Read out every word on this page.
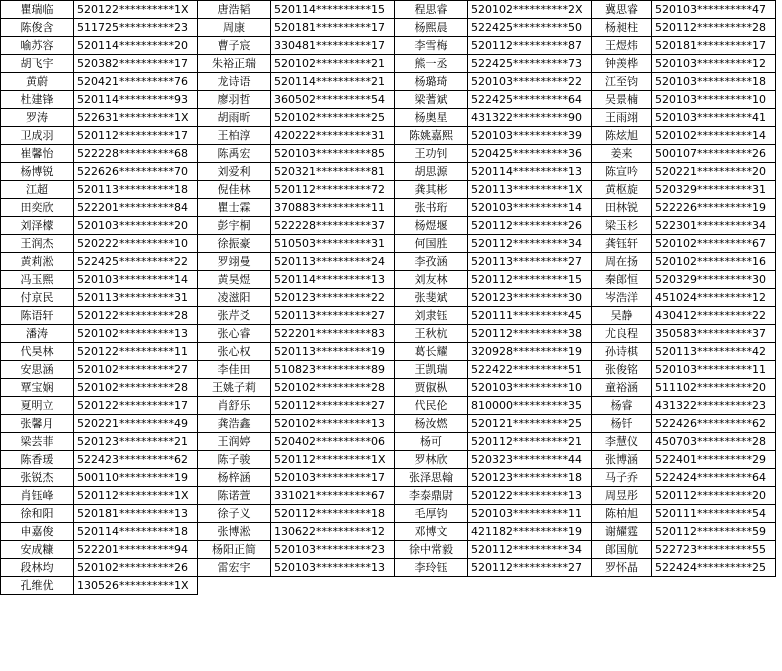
瞿瑞临	520122**********1X	唐浩韬	520114**********15	程思睿	520102**********2X	冀思睿	520103**********47
陈俊含	511725**********23	周康	520181**********17	杨熙晨	522425**********50	杨昶柱	520112**********28
喻苏容	520114**********20	曹子宸	330481**********17	李雪梅	520112**********87	王煜炜	520181**********17
胡飞宇	520382**********17	朱裕正瑞	520102**********21	熊一丞	522425**********73	钟羡桦	520103**********12
黄蔚	520421**********76	龙诗语	520114**********21	杨璐琦	520103**********22	江至钧	520103**********18
杜建锋	520114**********93	廖羽哲	360502**********54	梁蓍斌	522425**********64	吴景楠	520103**********10
罗涛	522631**********1X	胡雨昕	520102**********25	杨奥星	431322**********90	王雨翊	520103**********41
卫成羽	520112**********17	王柏淳	420222**********31	陈姚嘉熙	520103**********39	陈炫旭	520102**********14
崔馨怡	522228**********68	陈禹宏	520103**********85	王功钊	520425**********36	姜来	500107**********26
杨博锐	522626**********70	刘爱利	520321**********81	胡思源	520114**********13	陈宣吟	520221**********20
江超	520113**********18	倪佳林	520112**********72	龚其彬	520113**********1X	黄枢旋	520329**********31
田奕欣	522201**********84	瞿士霖	370883**********11	张书珩	520103**********14	田林锐	522226**********19
刘泽檬	520103**********20	彭宇桐	522228**********37	杨煜堰	520112**********26	梁玉杉	522301**********34
王润杰	520222**********10	徐振豪	510503**********31	何国胜	520112**********34	龚钰轩	520102**********67
黄莉淞	522425**********22	罗翊曼	520113**********24	李孜涵	520113**********27	周在扬	520102**********16
冯玉熙	520103**********14	黄昊煜	520114**********13	刘友林	520112**********15	秦郎恒	520329**********30
付京民	520113**********31	凌滋阳	520123**********22	张斐斌	520123**********30	岑浩洋	451024**********12
陈语轩	520122**********28	张芹爻	520113**********27	刘隶钰	520111**********45	吴静	430412**********22
潘涛	520102**********13	张心睿	522201**********83	王秋杭	520112**********38	尤良程	350583**********37
代昊林	520122**********11	张心权	520113**********19	葛长耀	320928**********19	孙诗棋	520113**********42
安思涵	520102**********27	李佳田	510823**********89	王凯瑞	522422**********51	张俊铭	520103**********11
覃宝娴	520102**********28	王姚子莉	520102**********28	贾俶枞	520103**********10	童裕涵	511102**********20
夏明立	520122**********17	肖舒乐	520112**********27	代民伦	810000**********35	杨睿	431322**********23
张馨月	520221**********49	龚浩鑫	520102**********13	杨汝燃	520121**********25	杨钎	522426**********62
梁芸菲	520123**********21	王润婷	520402**********06	杨可	520112**********21	李慧仪	450703**********28
陈香瑗	522423**********62	陈子骏	520112**********1X	罗林欣	520323**********44	张博涵	522401**********29
张锐杰	500110**********19	杨梓涵	520103**********17	张泽思翰	520123**********18	马子乔	522424**********64
肖钰峰	520112**********1X	陈诺萱	331021**********67	李泰鼎尉	520122**********13	周昱彤	520112**********20
徐和阳	520181**********13	徐子义	520112**********18	毛厚钧	520103**********11	陈柏旭	520111**********54
申嘉俊	520114**********18	张博淞	130622**********12	邓博文	421182**********19	谢耀霆	520112**********59
安成糠	522201**********94	杨阳正简	520103**********23	徐中常毅	520112**********34	郎国航	522723**********55
段林均	520102**********26	雷宏宇	520103**********13	李玲钰	520112**********27	罗怀晶	522424**********25
孔维优	130526**********1X						
